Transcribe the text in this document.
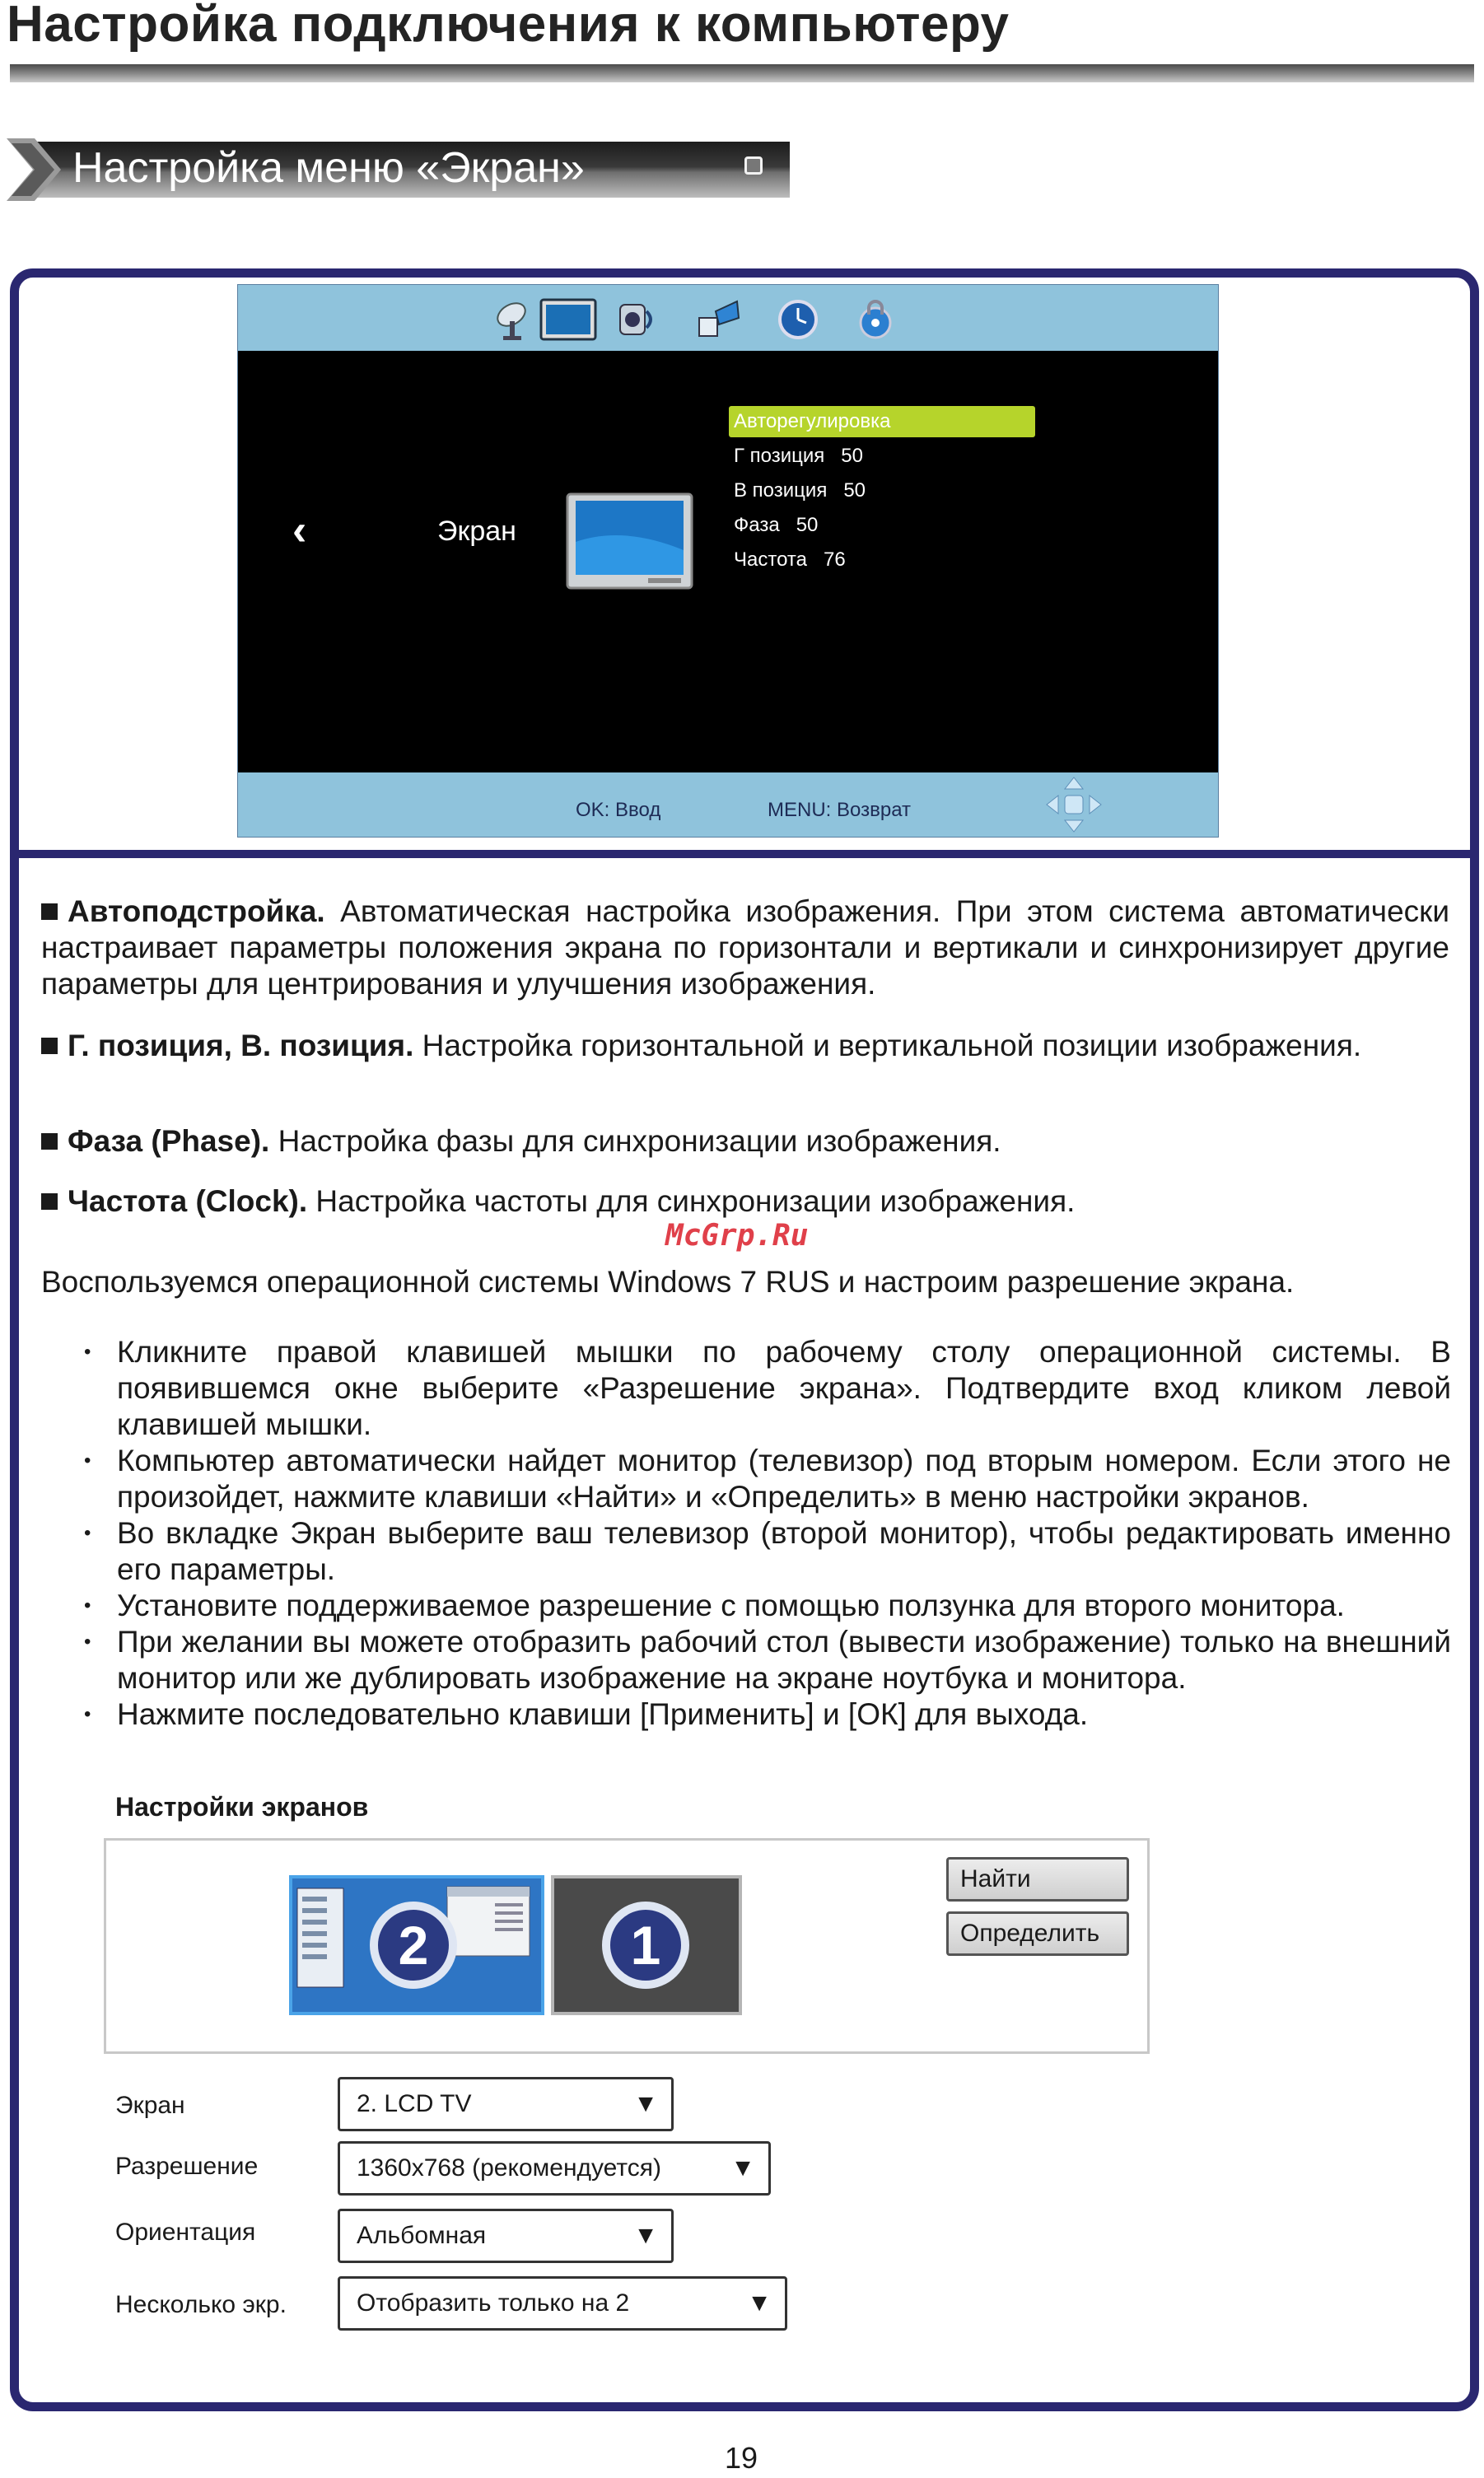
Настройка подключения к компьютеру
Настройка меню «Экран»
‹	Экран
Авторегулировка
Г позиция 50
В позиция 50
Фаза 50
Частота 76
OK: Ввод	MENU: Возврат
Автоподстройка. Автоматическая настройка изображения. При этом система автоматически настраивает параметры положения экрана по горизонтали и вертикали и синхронизирует другие параметры для центрирования и улучшения изображения.
Г. позиция, В. позиция. Настройка горизонтальной и вертикальной позиции изображения.
Фаза (Phase). Настройка фазы для синхронизации изображения.
Частота (Clock). Настройка частоты для синхронизации изображения.
McGrp.Ru
Воспользуемся операционной системы Windows 7 RUS и настроим разрешение экрана.
• Кликните правой клавишей мышки по рабочему столу операционной системы. В появившемся окне выберите «Разрешение экрана». Подтвердите вход кликом левой клавишей мышки.
• Компьютер автоматически найдет монитор (телевизор) под вторым номером. Если этого не произойдет, нажмите клавиши «Найти» и «Определить» в меню настройки экранов.
• Во вкладке Экран выберите ваш телевизор (второй монитор), чтобы редактировать именно его параметры.
• Установите поддерживаемое разрешение с помощью ползунка для второго монитора.
• При желании вы можете отобразить рабочий стол (вывести изображение) только на внешний монитор или же дублировать изображение на экране ноутбука и монитора.
• Нажмите последовательно клавиши [Применить] и [ОК] для выхода.
Настройки экранов
2	1
Найти
Определить
Экран	2. LCD TV	▼
Разрешение	1360x768 (рекомендуется)	▼
Ориентация	Альбомная	▼
Несколько экр.	Отобразить только на 2	▼
19
